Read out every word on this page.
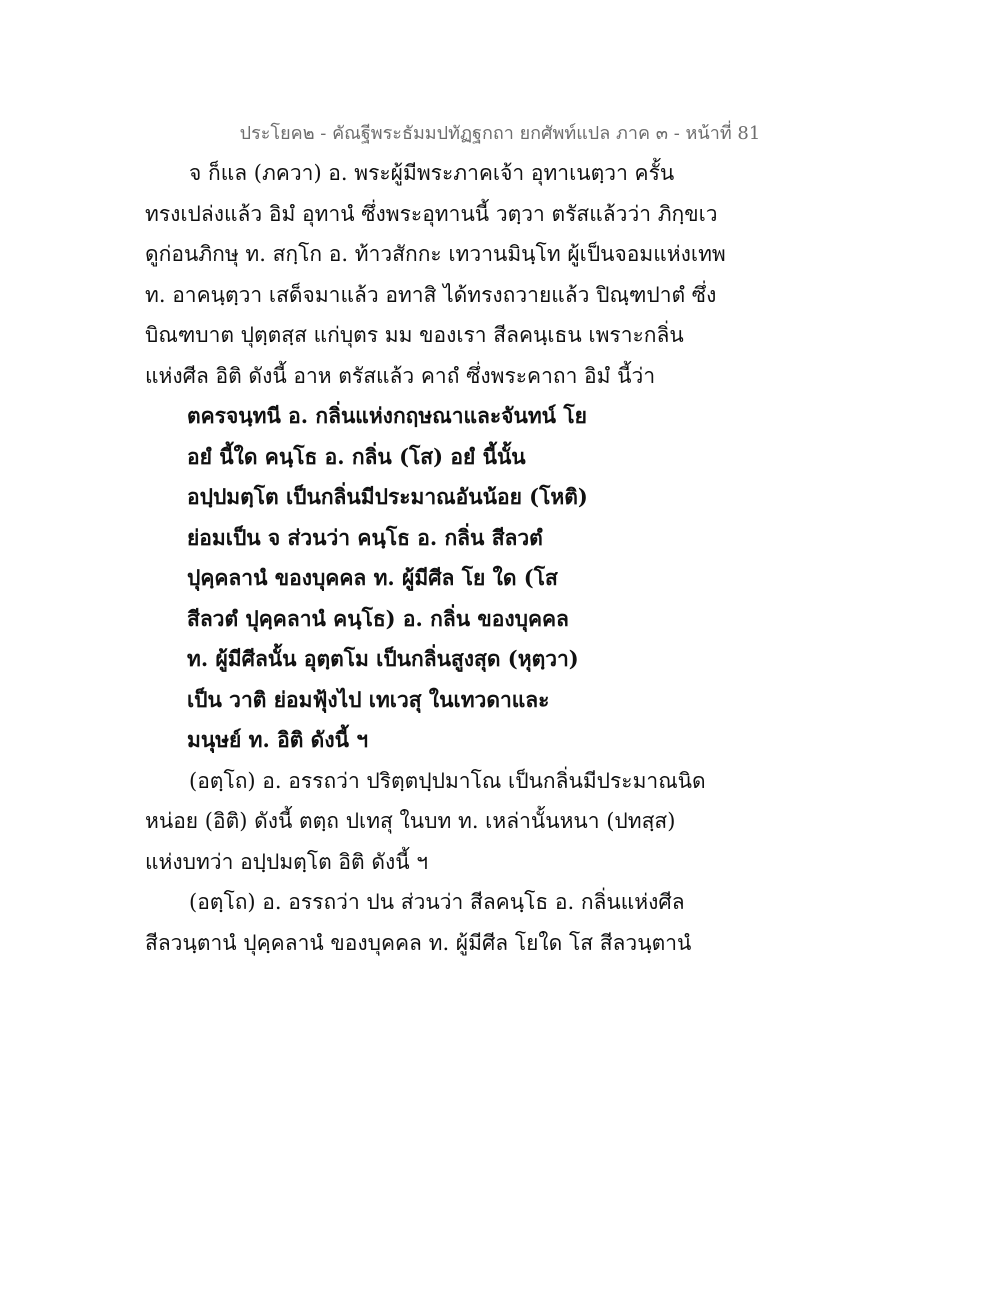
ประโยค๒ - คัณฐีพระธัมมปทัฏฐกถา ยกศัพท์แปล ภาค ๓ - หน้าที่ 81
จ ก็แล (ภควา) อ. พระผู้มีพระภาคเจ้า อุทาเนตฺวา ครั้น
ทรงเปล่งแล้ว อิมํ อุทานํ ซึ่งพระอุทานนี้ วตฺวา ตรัสแล้วว่า ภิกฺขเว
ดูก่อนภิกษุ ท. สกฺโก อ. ท้าวสักกะ เทวานมินฺโท ผู้เป็นจอมแห่งเทพ
ท. อาคนฺตฺวา เสด็จมาแล้ว อทาสิ ได้ทรงถวายแล้ว ปิณฺฑปาตํ ซึ่ง
บิณฑบาต ปุตฺตสฺส แก่บุตร มม ของเรา สีลคนฺเธน เพราะกลิ่น
แห่งศีล อิติ ดังนี้ อาห ตรัสแล้ว คาถํ ซึ่งพระคาถา อิมํ นี้ว่า
ตครจนฺทนี อ. กลิ่นแห่งกฤษณาและจันทน์ โย
อยํ นี้ใด คนฺโธ อ. กลิ่น (โส) อยํ นี้นั้น
อปฺปมตฺโต เป็นกลิ่นมีประมาณอันน้อย (โหติ)
ย่อมเป็น จ ส่วนว่า คนฺโธ อ. กลิ่น สีลวตํ
ปุคฺคลานํ ของบุคคล ท. ผู้มีศีล โย ใด (โส
สีลวตํ ปุคฺคลานํ คนฺโธ) อ. กลิ่น ของบุคคล
ท. ผู้มีศีลนั้น อุตฺตโม เป็นกลิ่นสูงสุด (หุตฺวา)
เป็น วาติ ย่อมฟุ้งไป เทเวสุ ในเทวดาและ
มนุษย์ ท. อิติ ดังนี้ ฯ
(อตฺโถ) อ. อรรถว่า ปริตฺตปฺปมาโณ เป็นกลิ่นมีประมาณนิด
หน่อย (อิติ) ดังนี้ ตตฺถ ปเทสุ ในบท ท. เหล่านั้นหนา (ปทสฺส)
แห่งบทว่า อปฺปมตฺโต อิติ ดังนี้ ฯ
(อตฺโถ) อ. อรรถว่า ปน ส่วนว่า สีลคนฺโธ อ. กลิ่นแห่งศีล
สีลวนฺตานํ ปุคฺคลานํ ของบุคคล ท. ผู้มีศีล โยใด โส สีลวนฺตานํ
